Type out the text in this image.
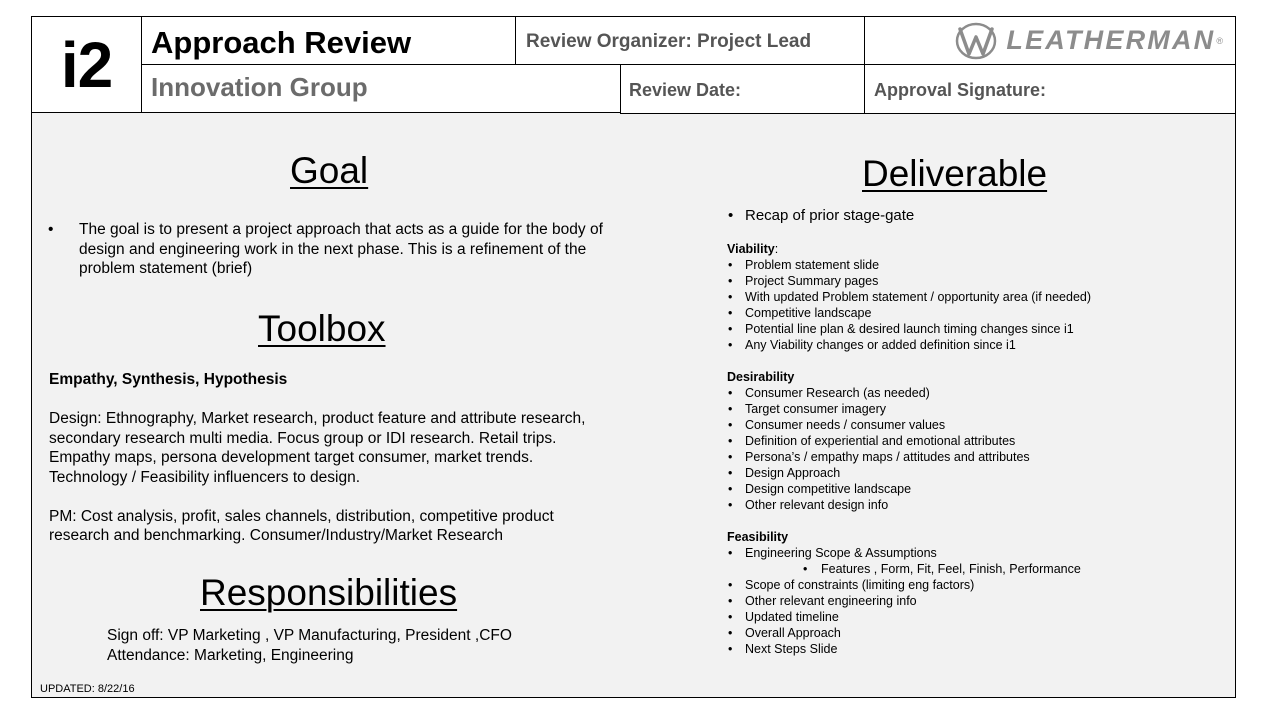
i2 Approach Review
Innovation Group
Review Organizer: Project Lead
Review Date:
LEATHERMAN ®
Approval Signature:
Goal
•	The goal is to present a project approach that acts as a guide for the body of design and engineering work in the next phase. This is a refinement of the problem statement (brief)
Toolbox

Empathy, Synthesis, Hypothesis

Design: Ethnography, Market research, product feature and attribute research, secondary research multi media. Focus group or IDI research. Retail trips. Empathy maps, persona development target consumer, market trends. Technology / Feasibility influencers to design.

PM: Cost analysis, profit, sales channels, distribution, competitive product research and benchmarking. Consumer/Industry/Market Research

Responsibilities
Sign off: VP Marketing , VP Manufacturing, President ,CFO
Attendance: Marketing, Engineering
UPDATED: 8/22/16
Deliverable
• Recap of prior stage-gate
Viability:
• Problem statement slide
• Project Summary pages
• With updated Problem statement / opportunity area (if needed)
• Competitive landscape
• Potential line plan & desired launch timing changes since i1
• Any Viability changes or added definition since i1
Desirability
• Consumer Research (as needed)
• Target consumer imagery
• Consumer needs / consumer values
• Definition of experiential and emotional attributes
• Persona’s / empathy maps / attitudes and attributes
• Design Approach
• Design competitive landscape
• Other relevant design info
Feasibility
• Engineering Scope & Assumptions
• Features , Form, Fit, Feel, Finish, Performance
• Scope of constraints (limiting eng factors)
• Other relevant engineering info
• Updated timeline
• Overall Approach
• Next Steps Slide
